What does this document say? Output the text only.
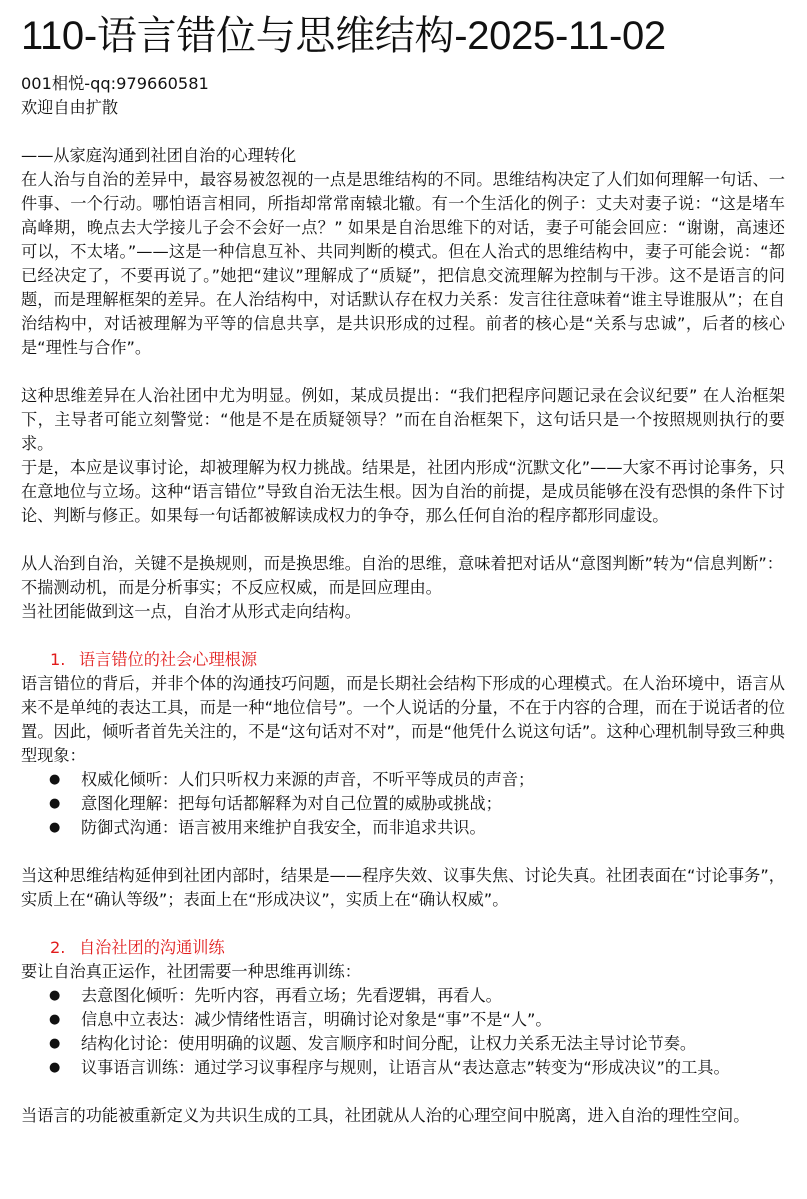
110-语言错位与思维结构-2025-11-02

001相悦-qq:979660581

欢迎自由扩散

——从家庭沟通到社团自治的心理转化

在人治与自治的差异中，最容易被忽视的一点是思维结构的不同。思维结构决定了人们如何理解一句话、一件事、一个行动。哪怕语言相同，所指却常常南辕北辙。有一个生活化的例子：丈夫对妻子说：“这是堵车高峰期，晚点去大学接儿子会不会好一点？” 如果是自治思维下的对话，妻子可能会回应：“谢谢，高速还可以，不太堵。”——这是一种信息互补、共同判断的模式。但在人治式的思维结构中，妻子可能会说：“都已经决定了，不要再说了。”她把“建议”理解成了“质疑”，把信息交流理解为控制与干涉。这不是语言的问题，而是理解框架的差异。在人治结构中，对话默认存在权力关系：发言往往意味着“谁主导谁服从”；在自治结构中，对话被理解为平等的信息共享，是共识形成的过程。前者的核心是“关系与忠诚”，后者的核心是“理性与合作”。

这种思维差异在人治社团中尤为明显。例如，某成员提出：“我们把程序问题记录在会议纪要” 在人治框架下，主导者可能立刻警觉：“他是不是在质疑领导？”而在自治框架下，这句话只是一个按照规则执行的要求。

于是，本应是议事讨论，却被理解为权力挑战。结果是，社团内形成“沉默文化”——大家不再讨论事务，只在意地位与立场。这种“语言错位”导致自治无法生根。因为自治的前提，是成员能够在没有恐惧的条件下讨论、判断与修正。如果每一句话都被解读成权力的争夺，那么任何自治的程序都形同虚设。

从人治到自治，关键不是换规则，而是换思维。自治的思维，意味着把对话从“意图判断”转为“信息判断”：

不揣测动机，而是分析事实；不反应权威，而是回应理由。

当社团能做到这一点，自治才从形式走向结构。

1. 语言错位的社会心理根源

语言错位的背后，并非个体的沟通技巧问题，而是长期社会结构下形成的心理模式。在人治环境中，语言从来不是单纯的表达工具，而是一种“地位信号”。一个人说话的分量，不在于内容的合理，而在于说话者的位置。因此，倾听者首先关注的，不是“这句话对不对”，而是“他凭什么说这句话”。这种心理机制导致三种典型现象：

● 权威化倾听：人们只听权力来源的声音，不听平等成员的声音；
● 意图化理解：把每句话都解释为对自己位置的威胁或挑战；
● 防御式沟通：语言被用来维护自我安全，而非追求共识。

当这种思维结构延伸到社团内部时，结果是——程序失效、议事失焦、讨论失真。社团表面在“讨论事务”，实质上在“确认等级”；表面上在“形成决议”，实质上在“确认权威”。

2. 自治社团的沟通训练

要让自治真正运作，社团需要一种思维再训练：

● 去意图化倾听：先听内容，再看立场；先看逻辑，再看人。
● 信息中立表达：减少情绪性语言，明确讨论对象是“事”不是“人”。
● 结构化讨论：使用明确的议题、发言顺序和时间分配，让权力关系无法主导讨论节奏。
● 议事语言训练：通过学习议事程序与规则，让语言从“表达意志”转变为“形成决议”的工具。

当语言的功能被重新定义为共识生成的工具，社团就从人治的心理空间中脱离，进入自治的理性空间。
